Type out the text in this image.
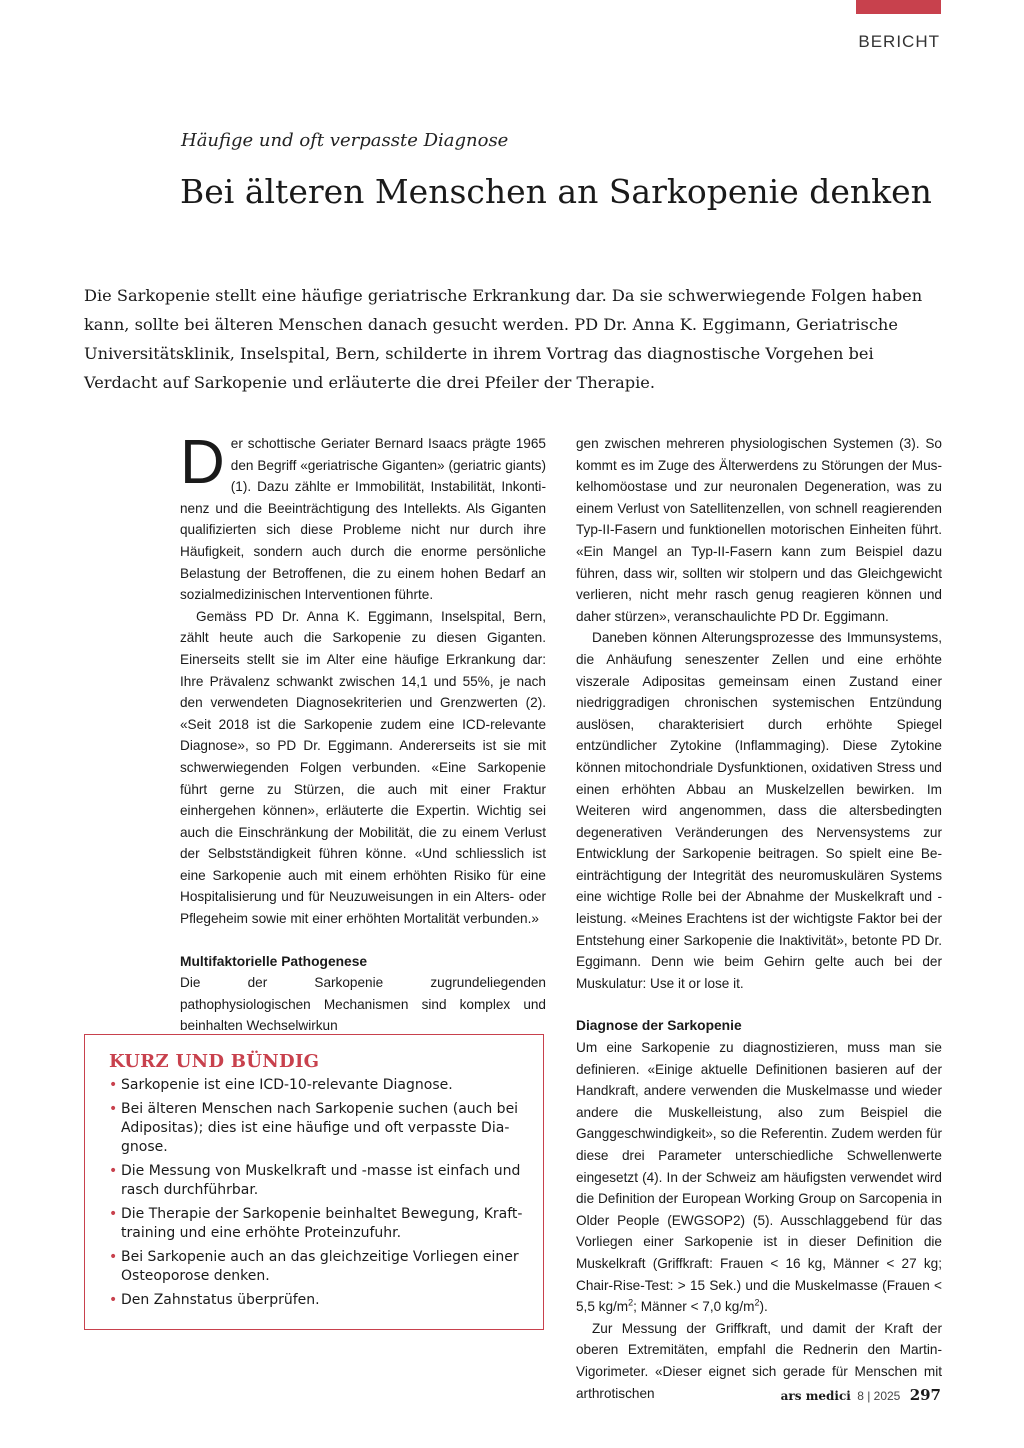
BERICHT
Häufige und oft verpasste Diagnose
Bei älteren Menschen an Sarkopenie denken

Die Sarkopenie stellt eine häufige geriatrische Erkrankung dar. Da sie schwerwiegende Folgen haben kann, sollte bei älteren Menschen danach gesucht werden. PD Dr. Anna K. Eggimann, Geriatrische Universitätsklinik, Inselspital, Bern, schilderte in ihrem Vortrag das diagnostische Vorgehen bei Verdacht auf Sarkopenie und erläuterte die drei Pfeiler der Therapie.

Der schottische Geriater Bernard Isaacs prägte 1965 den Begriff «geriatrische Giganten» (geriatric giants) (1). Dazu zählte er Immobilität, Instabilität, Inkontinenz und die Beeinträchtigung des Intellekts. Als Giganten qualifizierten sich diese Probleme nicht nur durch ihre Häufigkeit, sondern auch durch die enorme persönliche Belastung der Betroffenen, die zu einem hohen Bedarf an sozialmedizinischen Interventionen führte.

Gemäss PD Dr. Anna K. Eggimann, Inselspital, Bern, zählt heute auch die Sarkopenie zu diesen Giganten. Einerseits stellt sie im Alter eine häufige Erkrankung dar: Ihre Prävalenz schwankt zwischen 14,1 und 55%, je nach den verwendeten Diagnosekriterien und Grenzwerten (2). «Seit 2018 ist die Sarkopenie zudem eine ICD-relevante Diagnose», so PD Dr. Eggimann. Andererseits ist sie mit schwerwiegenden Folgen verbunden. «Eine Sarkopenie führt gerne zu Stürzen, die auch mit einer Fraktur einhergehen können», erläuterte die Expertin. Wichtig sei auch die Einschränkung der Mobilität, die zu einem Verlust der Selbstständigkeit führen könne. «Und schliesslich ist eine Sarkopenie auch mit einem erhöhten Risiko für eine Hospitalisierung und für Neuzuweisungen in ein Alters- oder Pflegeheim sowie mit einer erhöhten Mortalität verbunden.»

Multifaktorielle Pathogenese

Die der Sarkopenie zugrundeliegenden pathophysiologischen Mechanismen sind komplex und beinhalten Wechselwirkun

gen zwischen mehreren physiologischen Systemen (3). So kommt es im Zuge des Älterwerdens zu Störungen der Muskelhomöostase und zur neuronalen Degeneration, was zu einem Verlust von Satellitenzellen, von schnell reagierenden Typ-II-Fasern und funktionellen motorischen Einheiten führt. «Ein Mangel an Typ-II-Fasern kann zum Beispiel dazu führen, dass wir, sollten wir stolpern und das Gleichgewicht verlieren, nicht mehr rasch genug reagieren können und daher stürzen», veranschaulichte PD Dr. Eggimann.

Daneben können Alterungsprozesse des Immunsystems, die Anhäufung seneszenter Zellen und eine erhöhte viszerale Adipositas gemeinsam einen Zustand einer niedriggradigen chronischen systemischen Entzündung auslösen, charakterisiert durch erhöhte Spiegel entzündlicher Zytokine (Inflammaging). Diese Zytokine können mitochondriale Dysfunktionen, oxidativen Stress und einen erhöhten Abbau an Muskelzellen bewirken. Im Weiteren wird angenommen, dass die altersbedingten degenerativen Veränderungen des Nervensystems zur Entwicklung der Sarkopenie beitragen. So spielt eine Beeinträchtigung der Integrität des neuromuskulären Systems eine wichtige Rolle bei der Abnahme der Muskelkraft und -leistung. «Meines Erachtens ist der wichtigste Faktor bei der Entstehung einer Sarkopenie die Inaktivität», betonte PD Dr. Eggimann. Denn wie beim Gehirn gelte auch bei der Muskulatur: Use it or lose it.

Diagnose der Sarkopenie

Um eine Sarkopenie zu diagnostizieren, muss man sie definieren. «Einige aktuelle Definitionen basieren auf der Handkraft, andere verwenden die Muskelmasse und wieder andere die Muskelleistung, also zum Beispiel die Ganggeschwindigkeit», so die Referentin. Zudem werden für diese drei Parameter unterschiedliche Schwellenwerte eingesetzt (4). In der Schweiz am häufigsten verwendet wird die Definition der European Working Group on Sarcopenia in Older People (EWGSOP2) (5). Ausschlaggebend für das Vorliegen einer Sarkopenie ist in dieser Definition die Muskelkraft (Griffkraft: Frauen < 16 kg, Männer < 27 kg; Chair-Rise-Test: > 15 Sek.) und die Muskelmasse (Frauen < 5,5 $kg/m^2$; Männer < 7,0 $kg/m^2$).

Zur Messung der Griffkraft, und damit der Kraft der oberen Extremitäten, empfahl die Rednerin den Martin-Vigorimeter. «Dieser eignet sich gerade für Menschen mit arthrotischen

KURZ UND BÜNDIG
• Sarkopenie ist eine ICD-10-relevante Diagnose.
• Bei älteren Menschen nach Sarkopenie suchen (auch bei Adipositas); dies ist eine häufige und oft verpasste Diagnose.
• Die Messung von Muskelkraft und -masse ist einfach und rasch durchführbar.
• Die Therapie der Sarkopenie beinhaltet Bewegung, Krafttraining und eine erhöhte Proteinzufuhr.
• Bei Sarkopenie auch an das gleichzeitige Vorliegen einer Osteoporose denken.
• Den Zahnstatus überprüfen.
ars medici 8 | 2025 297
